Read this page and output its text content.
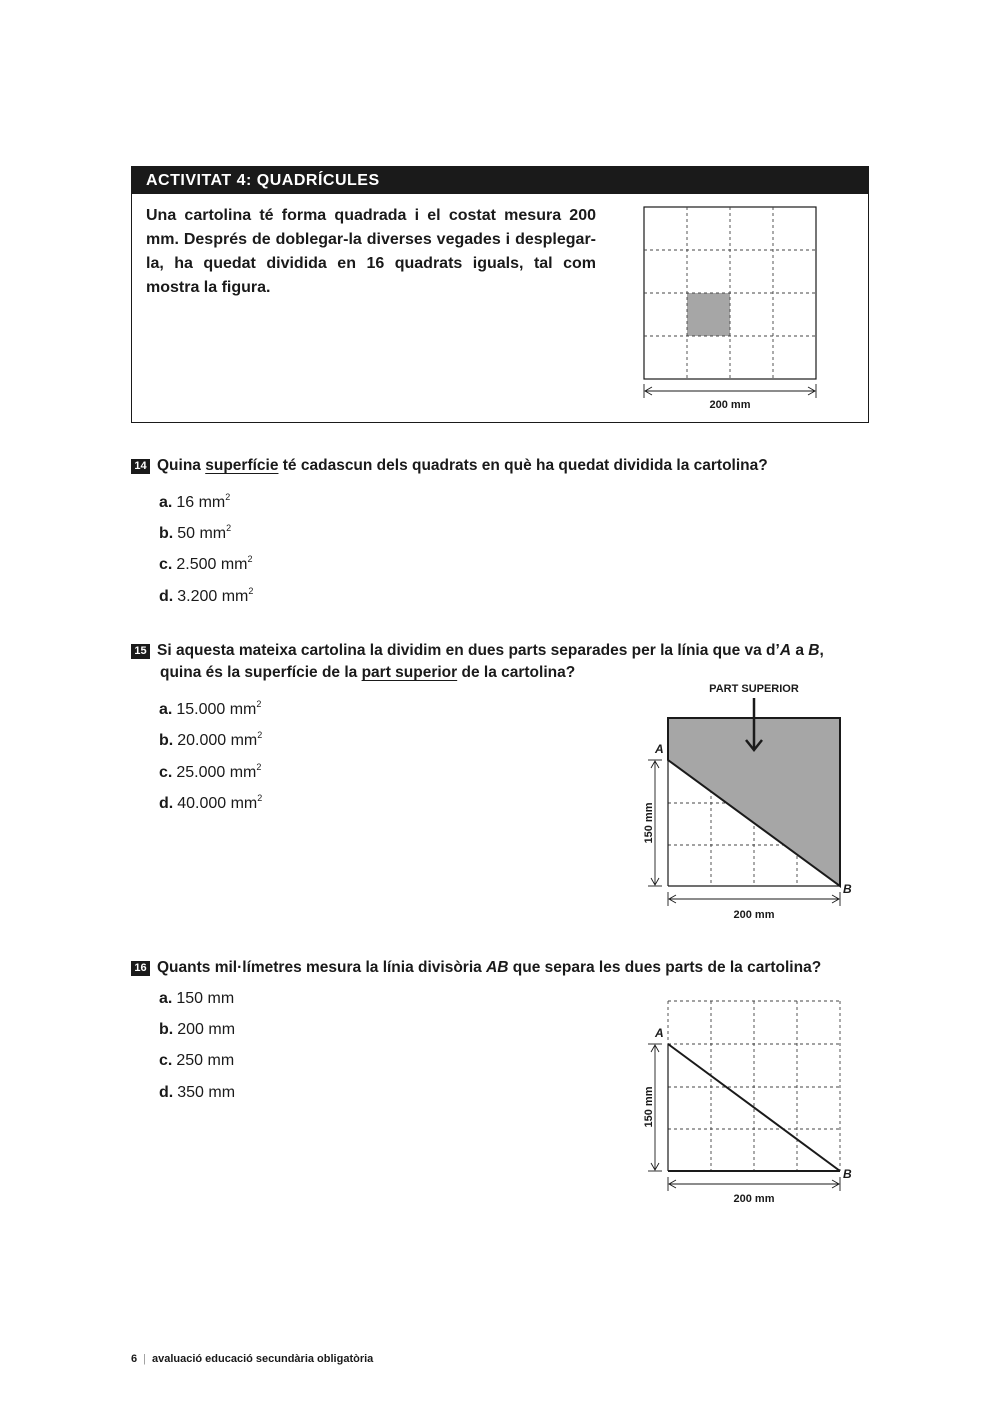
ACTIVITAT 4: QUADRÍCULES
Una cartolina té forma quadrada i el costat mesura 200 mm. Després de doblegar-la diverses vegades i desplegar-la, ha quedat dividida en 16 quadrats iguals, tal com mostra la figura.
200 mm
14 Quina superfície té cadascun dels quadrats en què ha quedat dividida la cartolina?
a. 16 $mm^2$
b. 50 $mm^2$
c. 2.500 $mm^2$
d. 3.200 $mm^2$
15 Si aquesta mateixa cartolina la dividim en dues parts separades per la línia que va d’A a B,
quina és la superfície de la part superior de la cartolina?
a. 15.000 $mm^2$
b. 20.000 $mm^2$
c. 25.000 $mm^2$
d. 40.000 $mm^2$
PART SUPERIOR
A
B
150 mm
200 mm
16 Quants mil·límetres mesura la línia divisòria AB que separa les dues parts de la cartolina?
a. 150 mm
b. 200 mm
c. 250 mm
d. 350 mm
A
B
150 mm
200 mm
6 | avaluació educació secundària obligatòria
